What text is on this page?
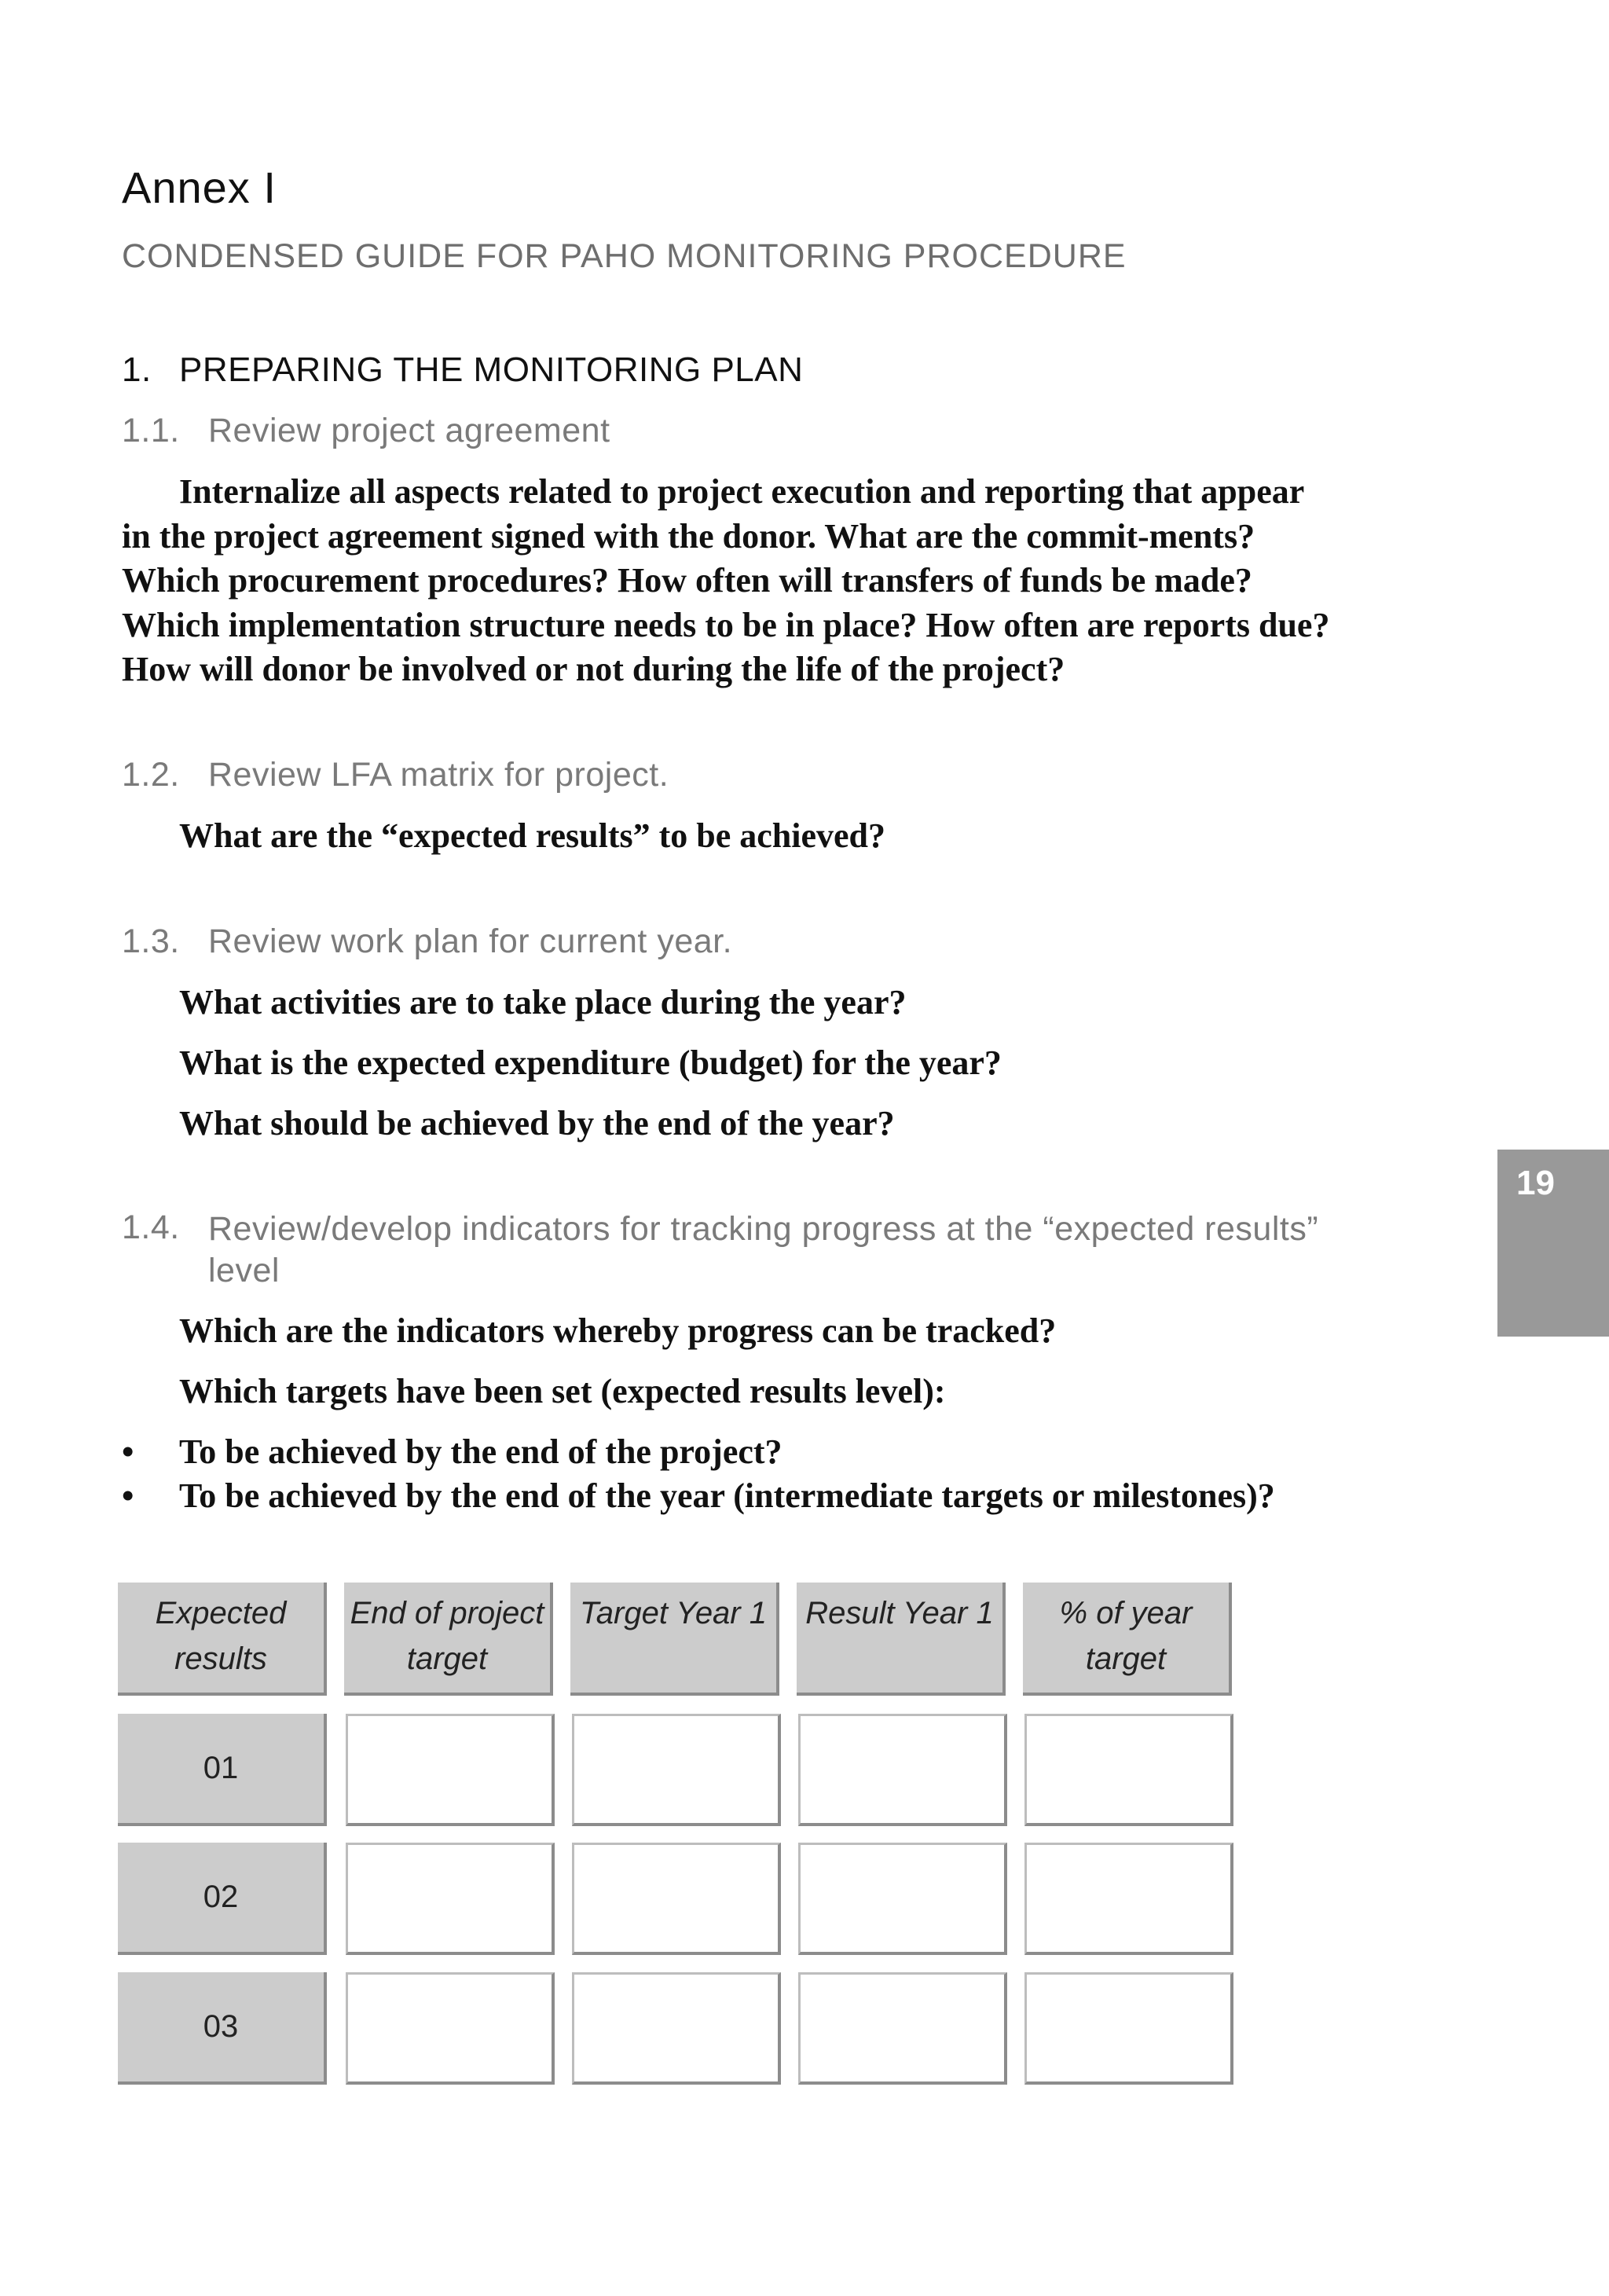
Annex I
CONDENSED GUIDE FOR PAHO MONITORING PROCEDURE
1. PREPARING THE MONITORING PLAN
1.1. Review project agreement
Internalize all aspects related to project execution and reporting that appear in the project agreement signed with the donor. What are the commit-ments? Which procurement procedures? How often will transfers of funds be made? Which implementation structure needs to be in place? How often are reports due? How will donor be involved or not during the life of the project?
1.2. Review LFA matrix for project.
What are the “expected results” to be achieved?
1.3. Review work plan for current year.
What activities are to take place during the year?
What is the expected expenditure (budget) for the year?
What should be achieved by the end of the year?
1.4. Review/develop indicators for tracking progress at the “expected results” level
Which are the indicators whereby progress can be tracked?
Which targets have been set (expected results level):
• To be achieved by the end of the project?
• To be achieved by the end of the year (intermediate targets or milestones)?
Expected results
End of project target
Target Year 1 Result Year 1	% of year target
01
02
03
19
